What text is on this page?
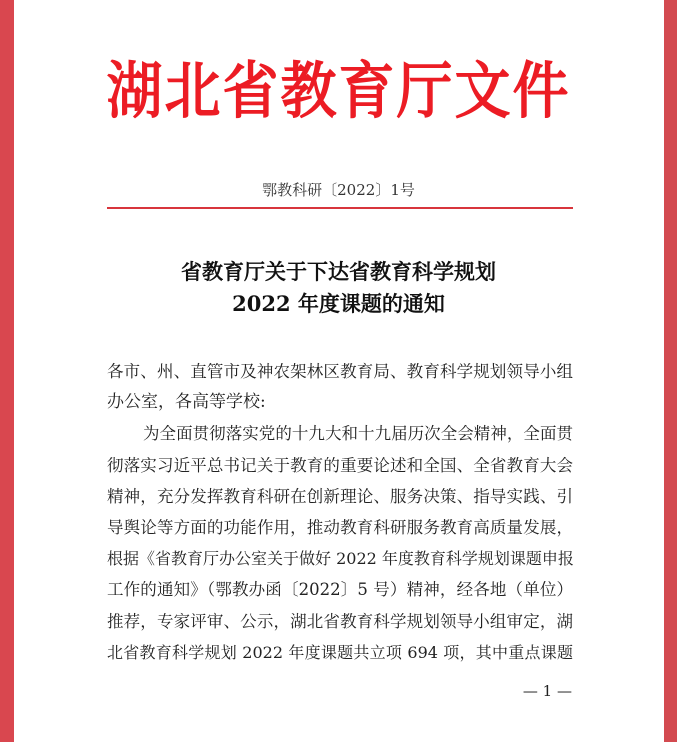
湖北省教育厅文件
鄂教科研〔2022〕1号
省教育厅关于下达省教育科学规划
2022 年度课题的通知
各市、州、直管市及神农架林区教育局、教育科学规划领导小组
办公室，各高等学校:
为全面贯彻落实党的十九大和十九届历次全会精神，全面贯
彻落实习近平总书记关于教育的重要论述和全国、全省教育大会
精神，充分发挥教育科研在创新理论、服务决策、指导实践、引
导舆论等方面的功能作用，推动教育科研服务教育高质量发展，
根据《省教育厅办公室关于做好 2022 年度教育科学规划课题申报
工作的通知》（鄂教办函〔2022〕5 号）精神，经各地（单位）
推荐，专家评审、公示，湖北省教育科学规划领导小组审定，湖
北省教育科学规划 2022 年度课题共立项 694 项，其中重点课题
— 1 —
